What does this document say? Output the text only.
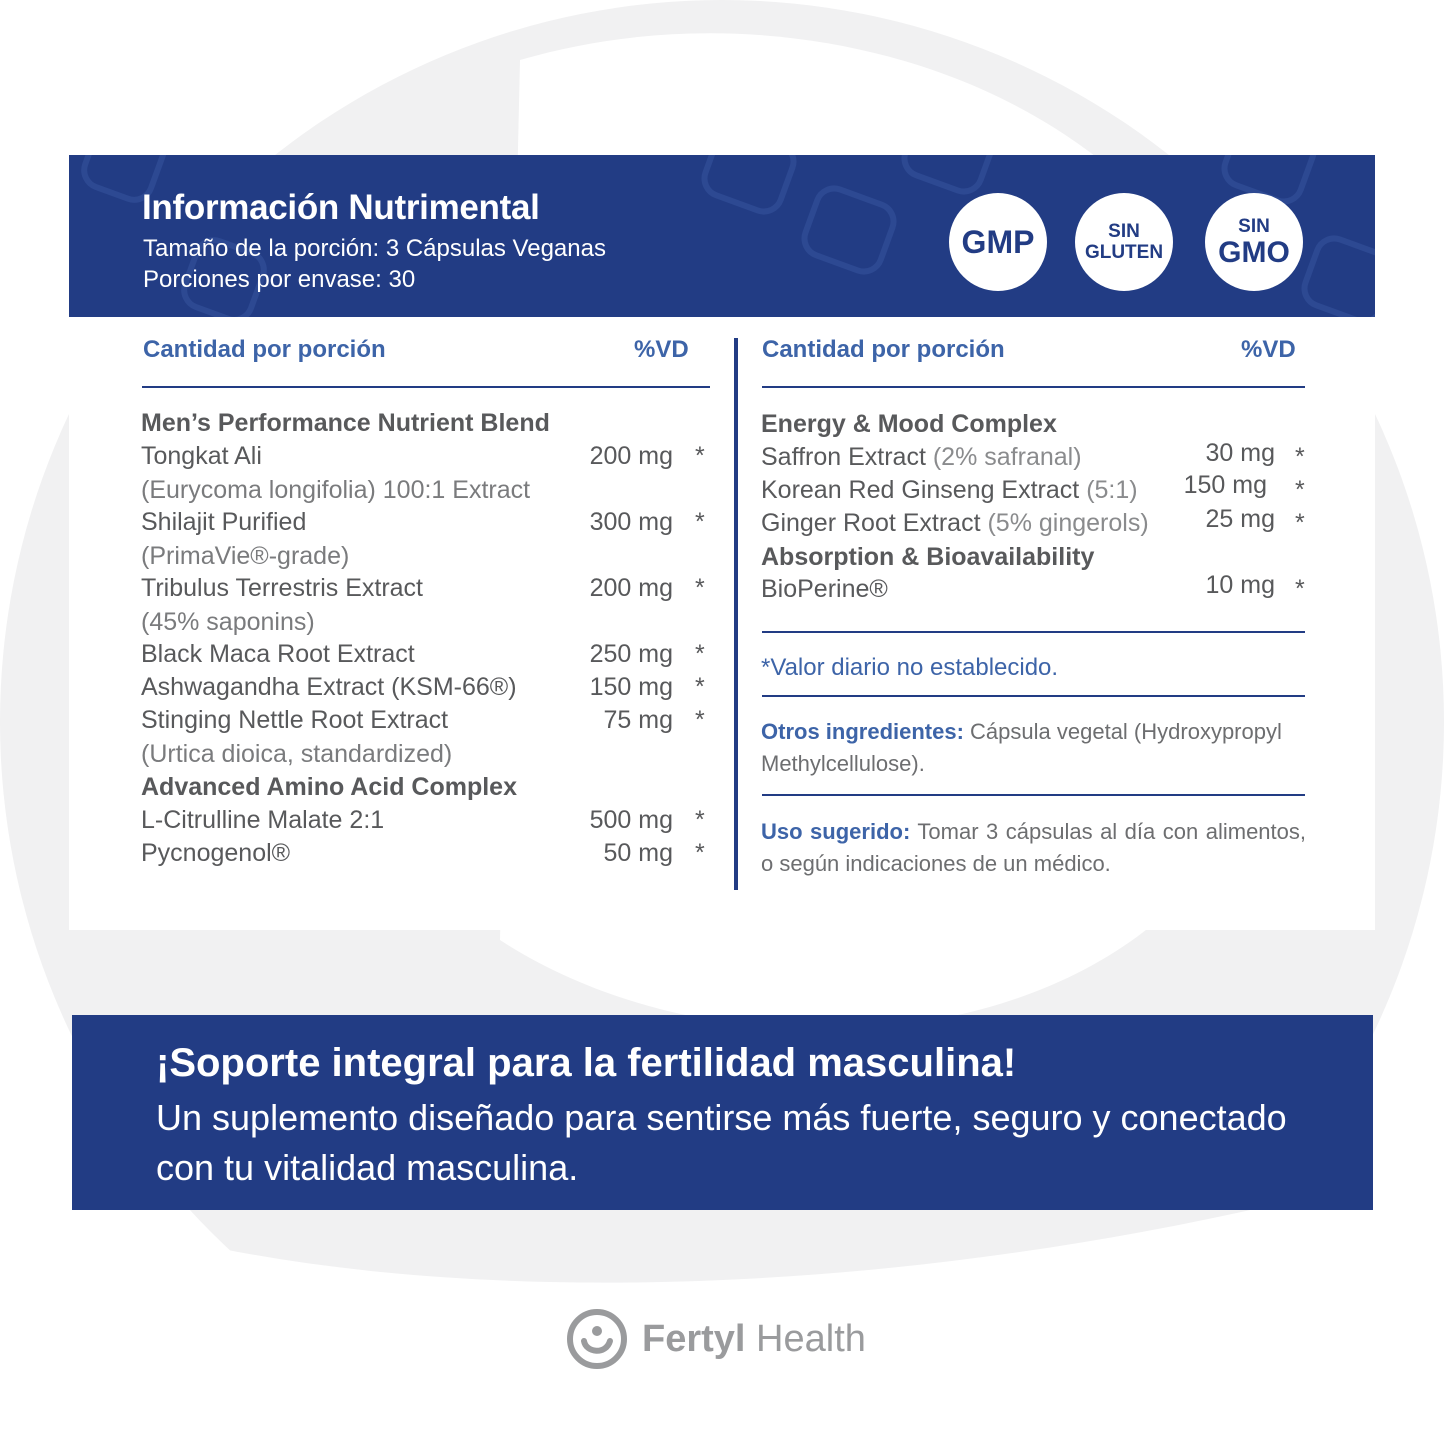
Información Nutrimental
Tamaño de la porción: 3 Cápsulas Veganas
Porciones por envase: 30
GMP	SIN
GLUTEN
SIN
GMO
Cantidad por porción	%VD
Men’s Performance Nutrient Blend
Tongkat Ali	200 mg *
(Eurycoma longifolia) 100:1 Extract
Shilajit Purified	300 mg *
(PrimaVie®-grade)
Tribulus Terrestris Extract	200 mg *
(45% saponins)
Black Maca Root Extract	250 mg *
Ashwagandha Extract (KSM-66®)	150 mg *
Stinging Nettle Root Extract	75 mg *
(Urtica dioica, standardized)
Advanced Amino Acid Complex
L-Citrulline Malate 2:1	500 mg *
Pycnogenol®	50 mg *
Cantidad por porción	%VD
Energy & Mood Complex
Saffron Extract (2% safranal)	30 mg *
Korean Red Ginseng Extract (5:1) 150 mg *
Ginger Root Extract (5% gingerols) 25 mg *
Absorption & Bioavailability
BioPerine®	10 mg *
*Valor diario no establecido.
Otros ingredientes: Cápsula vegetal (Hydroxypropyl Methylcellulose).
Uso sugerido: Tomar 3 cápsulas al día con alimentos, o según indicaciones de un médico.
¡Soporte integral para la fertilidad masculina!
Un suplemento diseñado para sentirse más fuerte, seguro y conectado con tu vitalidad masculina.
Fertyl Health
